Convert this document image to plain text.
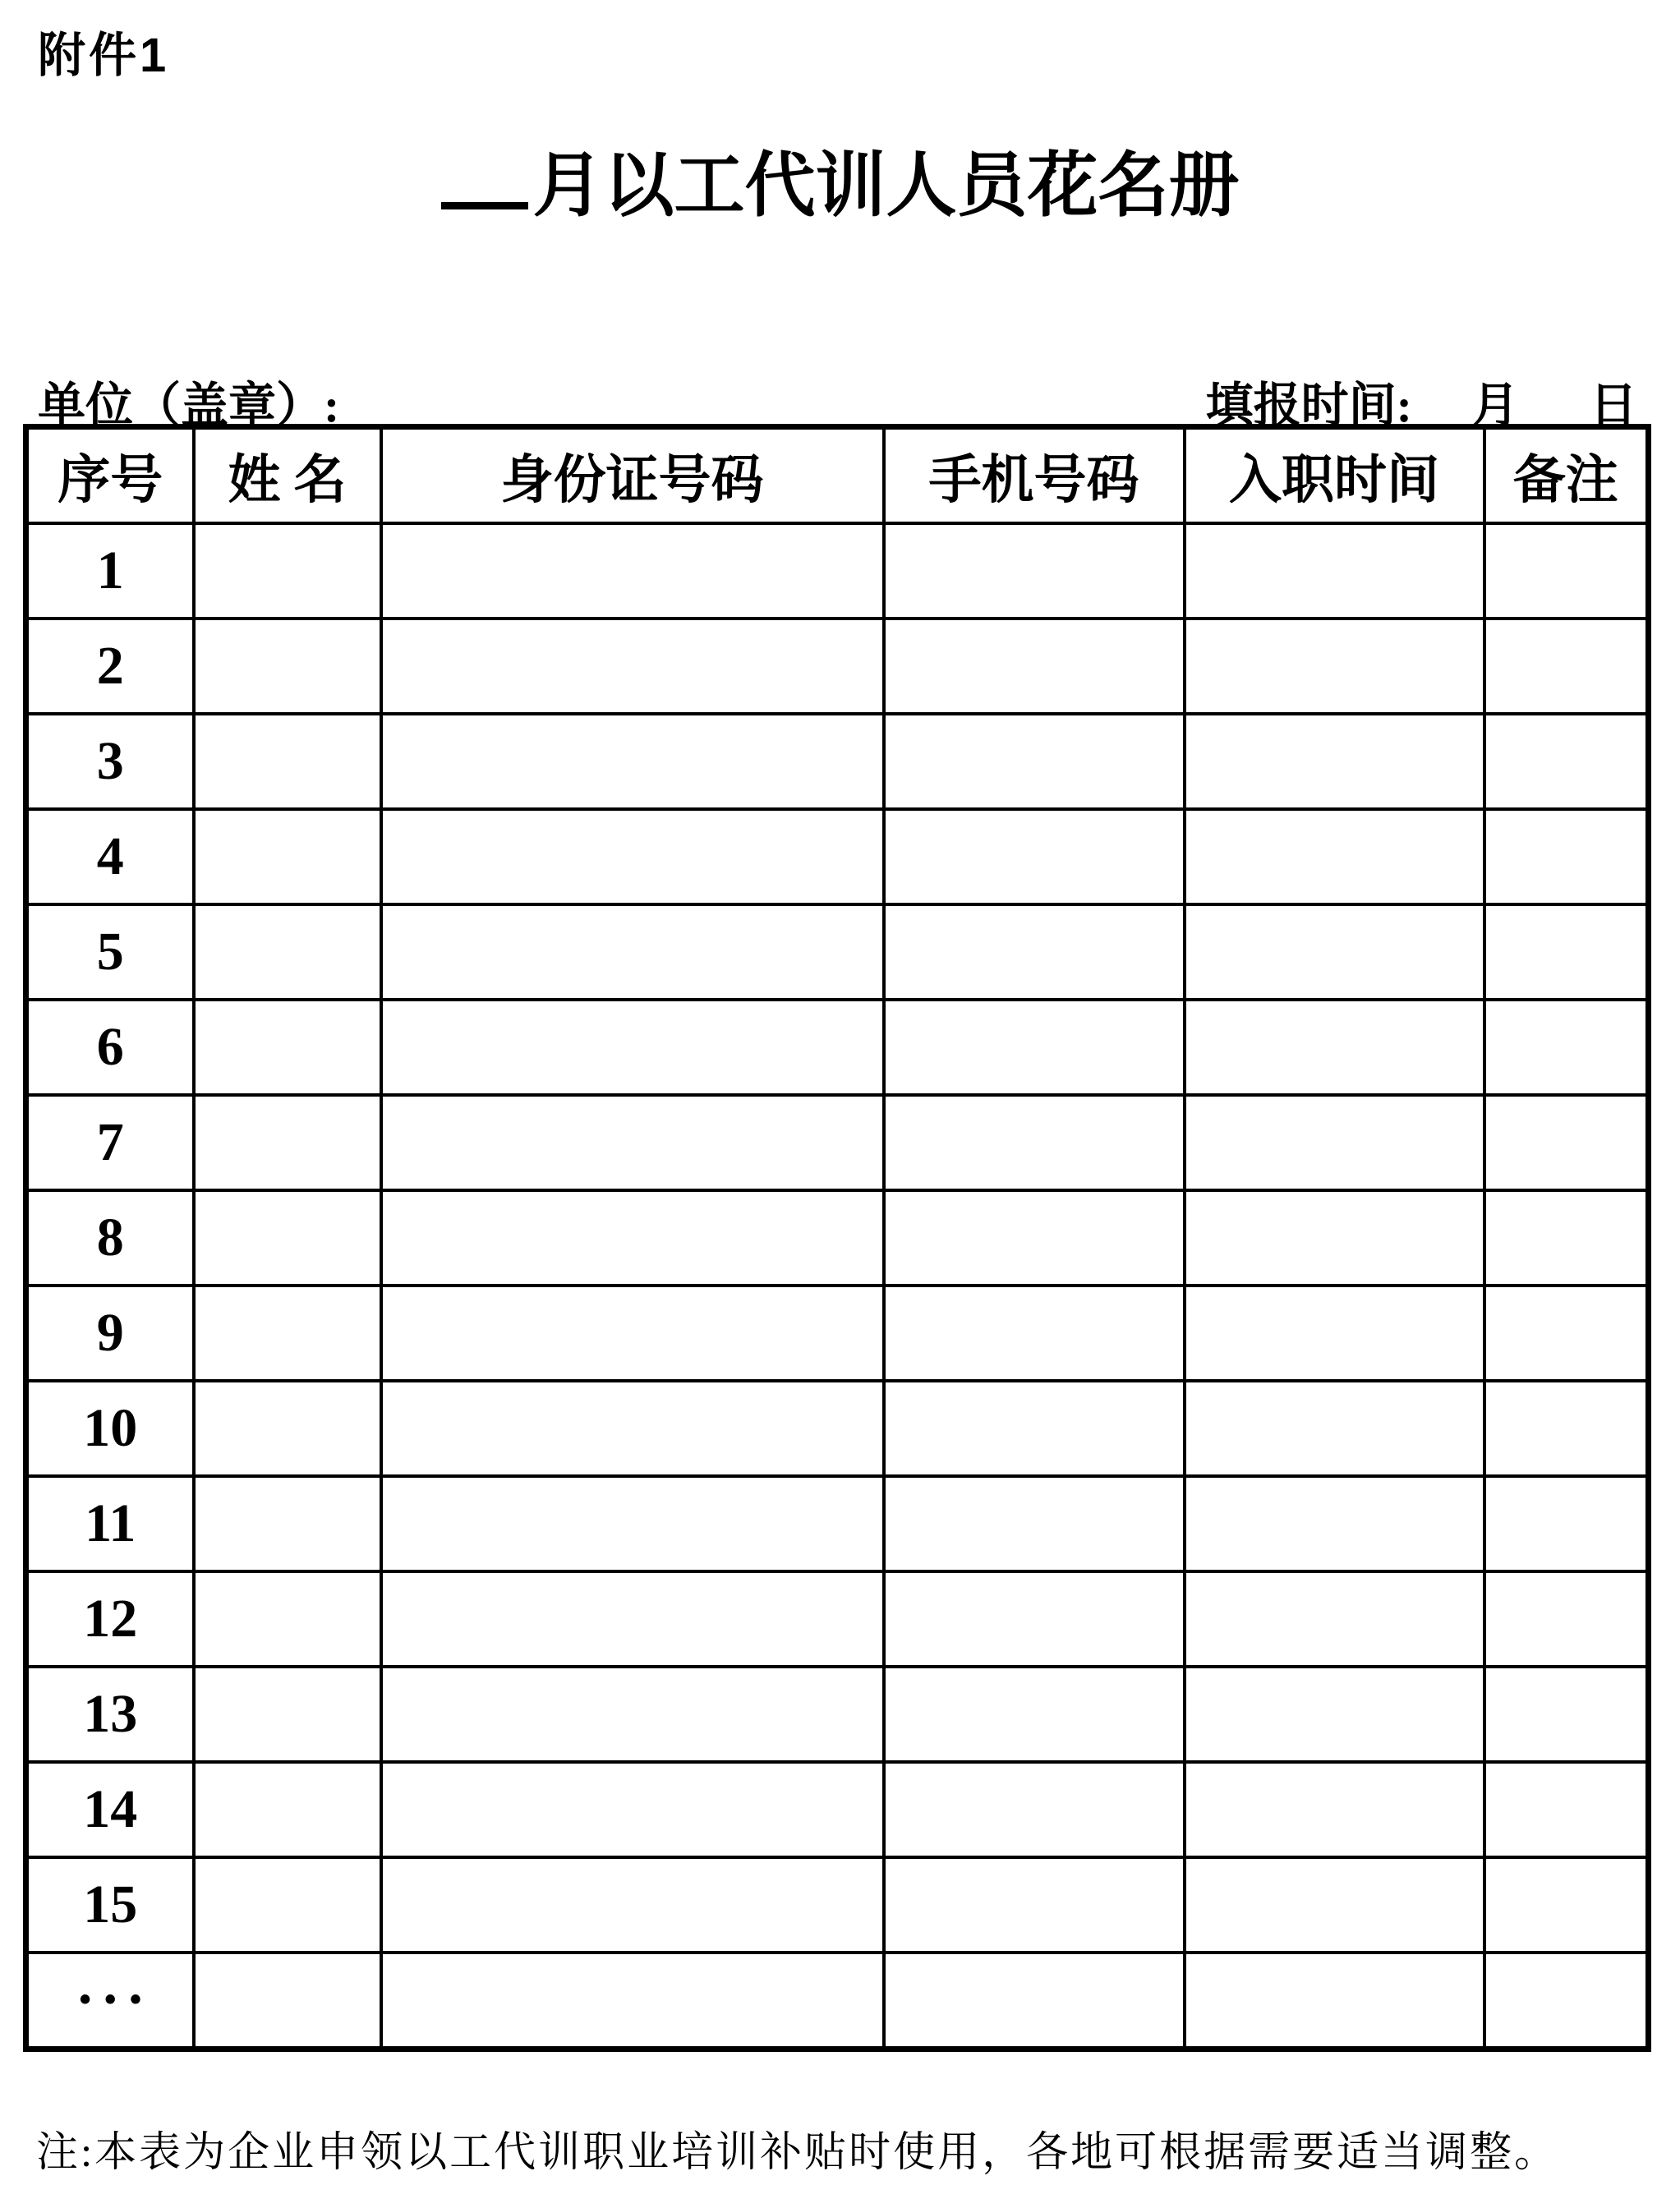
附件1
月以工代训人员花名册
单位（盖章）:	填报时间: 月 日
序号	姓 名	身份证号码	手机号码	入职时间	备注
1					
2					
3					
4					
5					
6					
7					
8					
9					
10					
11					
12					
13					
14					
15					
•••					
注:本表为企业申领以工代训职业培训补贴时使用，各地可根据需要适当调整。
